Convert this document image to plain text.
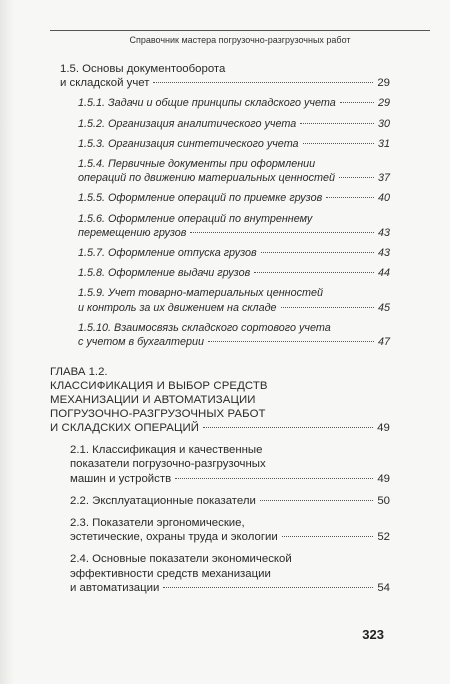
Справочник мастера погрузочно-разгрузочных работ
1.5. Основы документооборота
и складской учет	29
1.5.1. Задачи и общие принципы складского учета	29
1.5.2. Организация аналитического учета	30
1.5.3. Организация синтетического учета	31
1.5.4. Первичные документы при оформлении
операций по движению материальных ценностей	37
1.5.5. Оформление операций по приемке грузов	40
1.5.6. Оформление операций по внутреннему
перемещению грузов	43
1.5.7. Оформление отпуска грузов	43
1.5.8. Оформление выдачи грузов	44
1.5.9. Учет товарно-материальных ценностей
и контроль за их движением на складе	45
1.5.10. Взаимосвязь складского сортового учета
с учетом в бухгалтерии	47
ГЛАВА 1.2.
КЛАССИФИКАЦИЯ И ВЫБОР СРЕДСТВ
МЕХАНИЗАЦИИ И АВТОМАТИЗАЦИИ
ПОГРУЗОЧНО-РАЗГРУЗОЧНЫХ РАБОТ
И СКЛАДСКИХ ОПЕРАЦИЙ	49
2.1. Классификация и качественные
показатели погрузочно-разгрузочных
машин и устройств	49
2.2. Эксплуатационные показатели	50
2.3. Показатели эргономические,
эстетические, охраны труда и экологии	52
2.4. Основные показатели экономической
эффективности средств механизации
и автоматизации	54
323
